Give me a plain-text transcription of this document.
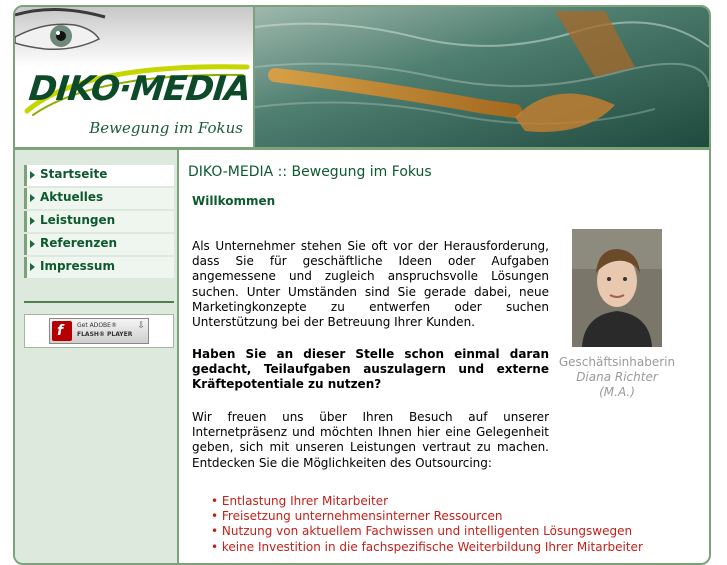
DIKO·MEDIA
Bewegung im Fokus
Startseite
Aktuelles
Leistungen
Referenzen
Impressum
f Get ADOBE®
FLASH® PLAYER
⇩
DIKO-MEDIA :: Bewegung im Fokus
Willkommen
Als Unternehmer stehen Sie oft vor der Herausforderung, dass Sie für geschäftliche Ideen oder Aufgaben angemessene und zugleich anspruchsvolle Lösungen suchen. Unter Umständen sind Sie gerade dabei, neue Marketingkonzepte zu entwerfen oder suchen Unterstützung bei der Betreuung Ihrer Kunden.
Haben Sie an dieser Stelle schon einmal daran gedacht, Teilaufgaben auszulagern und externe Kräftepotentiale zu nutzen?
Wir freuen uns über Ihren Besuch auf unserer Internetpräsenz und möchten Ihnen hier eine Gelegenheit geben, sich mit unseren Leistungen vertraut zu machen. Entdecken Sie die Möglichkeiten des Outsourcing:
• Entlastung Ihrer Mitarbeiter
• Freisetzung unternehmensinterner Ressourcen
• Nutzung von aktuellem Fachwissen und intelligenten Lösungswegen
• keine Investition in die fachspezifische Weiterbildung Ihrer Mitarbeiter
Geschäftsinhaberin
Diana Richter
(M.A.)
